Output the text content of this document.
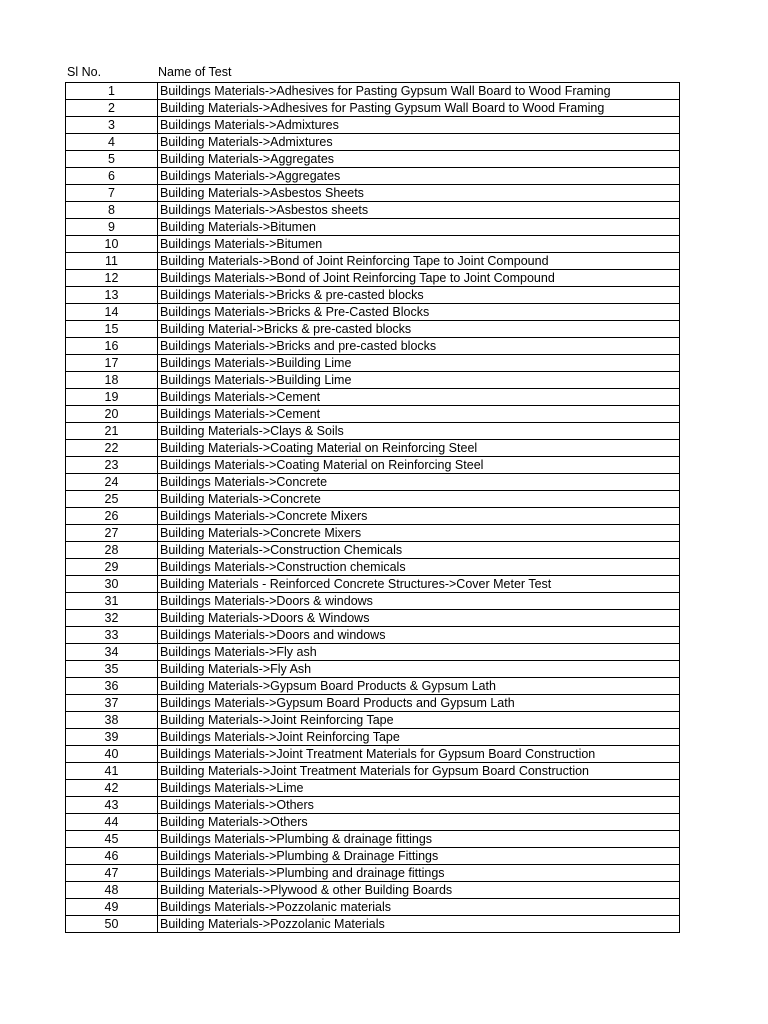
Sl No.	Name of Test
1	Buildings Materials->Adhesives for Pasting Gypsum Wall Board to Wood Framing
2	Building Materials->Adhesives for Pasting Gypsum Wall Board to Wood Framing
3	Buildings Materials->Admixtures
4	Building Materials->Admixtures
5	Building Materials->Aggregates
6	Buildings Materials->Aggregates
7	Building Materials->Asbestos Sheets
8	Buildings Materials->Asbestos sheets
9	Building Materials->Bitumen
10	Buildings Materials->Bitumen
11	Building Materials->Bond of Joint Reinforcing Tape to Joint Compound
12	Buildings Materials->Bond of Joint Reinforcing Tape to Joint Compound
13	Buildings Materials->Bricks & pre-casted blocks
14	Buildings Materials->Bricks & Pre-Casted Blocks
15	Building Material->Bricks & pre-casted blocks
16	Buildings Materials->Bricks and pre-casted blocks
17	Buildings Materials->Building Lime
18	Buildings Materials->Building Lime
19	Buildings Materials->Cement
20	Buildings Materials->Cement
21	Building Materials->Clays & Soils
22	Building Materials->Coating Material on Reinforcing Steel
23	Buildings Materials->Coating Material on Reinforcing Steel
24	Buildings Materials->Concrete
25	Building Materials->Concrete
26	Buildings Materials->Concrete Mixers
27	Building Materials->Concrete Mixers
28	Building Materials->Construction Chemicals
29	Buildings Materials->Construction chemicals
30	Building Materials - Reinforced Concrete Structures->Cover Meter Test
31	Buildings Materials->Doors & windows
32	Building Materials->Doors & Windows
33	Buildings Materials->Doors and windows
34	Buildings Materials->Fly ash
35	Building Materials->Fly Ash
36	Building Materials->Gypsum Board Products & Gypsum Lath
37	Buildings Materials->Gypsum Board Products and Gypsum Lath
38	Building Materials->Joint Reinforcing Tape
39	Buildings Materials->Joint Reinforcing Tape
40	Buildings Materials->Joint Treatment Materials for Gypsum Board Construction
41	Building Materials->Joint Treatment Materials for Gypsum Board Construction
42	Buildings Materials->Lime
43	Buildings Materials->Others
44	Building Materials->Others
45	Buildings Materials->Plumbing & drainage fittings
46	Buildings Materials->Plumbing & Drainage Fittings
47	Buildings Materials->Plumbing and drainage fittings
48	Building Materials->Plywood & other Building Boards
49	Buildings Materials->Pozzolanic materials
50	Building Materials->Pozzolanic Materials
